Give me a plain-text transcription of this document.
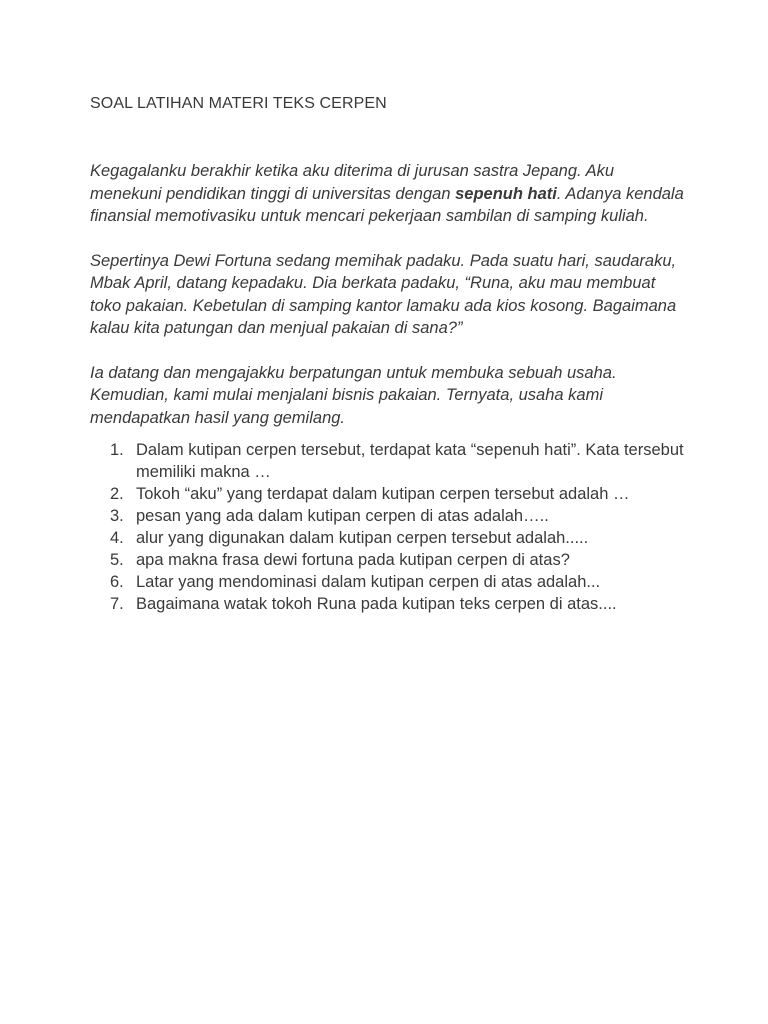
SOAL LATIHAN MATERI TEKS CERPEN

Kegagalanku berakhir ketika aku diterima di jurusan sastra Jepang. Aku menekuni pendidikan tinggi di universitas dengan sepenuh hati. Adanya kendala finansial memotivasiku untuk mencari pekerjaan sambilan di samping kuliah.

Sepertinya Dewi Fortuna sedang memihak padaku. Pada suatu hari, saudaraku, Mbak April, datang kepadaku. Dia berkata padaku, “Runa, aku mau membuat toko pakaian. Kebetulan di samping kantor lamaku ada kios kosong. Bagaimana kalau kita patungan dan menjual pakaian di sana?”

Ia datang dan mengajakku berpatungan untuk membuka sebuah usaha. Kemudian, kami mulai menjalani bisnis pakaian. Ternyata, usaha kami mendapatkan hasil yang gemilang.

1. Dalam kutipan cerpen tersebut, terdapat kata “sepenuh hati”. Kata tersebut memiliki makna …
2. Tokoh “aku” yang terdapat dalam kutipan cerpen tersebut adalah …
3. pesan yang ada dalam kutipan cerpen di atas adalah…..
4. alur yang digunakan dalam kutipan cerpen tersebut adalah.....
5. apa makna frasa dewi fortuna pada kutipan cerpen di atas?
6. Latar yang mendominasi dalam kutipan cerpen di atas adalah...
7. Bagaimana watak tokoh Runa pada kutipan teks cerpen di atas....
